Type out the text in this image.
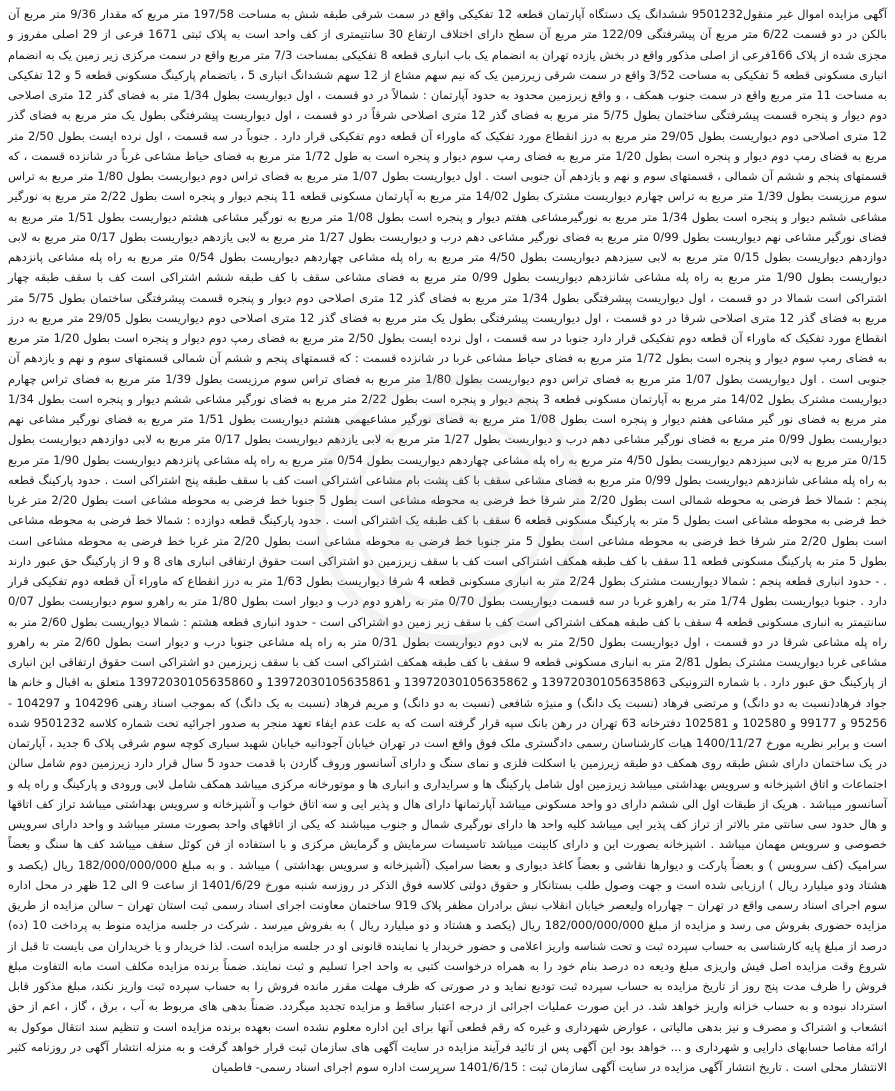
آگهی مزایده اموال غیر منقول9501232 ششدانگ یک دستگاه آپارتمان قطعه 12 تفکیکی واقع در سمت شرقی طبقه شش به مساحت 197/58 متر مربع که مقدار 9/36 متر مربع آن بالکن در دو قسمت 6/22 متر مربع آن پیشرفتگی 122/09 متر مربع آن سطح دارای اختلاف ارتفاع 30 سانتیمتری از کف واحد است به پلاک ثبتی 1671 فرعی از 29 اصلی مفروز و مجزی شده از پلاک 166فرعی از اصلی مذکور واقع در بخش یازده تهران به انضمام یک باب انباری قطعه 8 تفکیکی بمساحت 7/3 متر مربع واقع در سمت مرکزی زیر زمین یک به انضمام انباری مسکونی قطعه 5 تفکیکی به مساحت 3/52 واقع در سمت شرقی زیرزمین یک که نیم سهم مشاع از 12 سهم ششدانگ انباری 5 ، باتضمام پارکینگ مسکونی قطعه 5 و 12 تفکیکی به مساحت 11 متر مربع واقع در سمت جنوب همکف ، و واقع زیرزمین محدود به حدود آپارتمان : شمالاً در دو قسمت ، اول دیواریست بطول 1/34 متر به فضای گذر 12 متری اصلاحی دوم دیوار و پنجره قسمت پیشرفتگی ساختمان بطول 5/75 متر مربع به فضای گذر 12 متری اصلاحی شرقاً در دو قسمت ، اول دیواریست پیشرفتگی بطول یک متر مربع به فضای گذر 12 متری اصلاحی دوم دیواریست بطول 29/05 متر مربع به درز انقطاع مورد تفکیک که ماوراء آن قطعه دوم تفکیکی قرار دارد . جنوباً در سه قسمت ، اول نرده ایست بطول 2/50 متر مربع به فضای رمپ دوم دیوار و پنجره است بطول 1/20 متر مربع به فضای رمپ سوم دیوار و پنجره است به طول 1/72 متر مربع به فضای حیاط مشاعی غرباً در شانزده قسمت ، که قسمتهای پنجم و ششم آن شمالی ، قسمتهای سوم و نهم و یازدهم آن جنوبی است . اول دیواریست بطول 1/07 متر مربع به فضای تراس دوم دیواریست بطول 1/80 متر مربع به تراس سوم مرزیست بطول 1/39 متر مربع به تراس چهارم دیواریست مشترک بطول 14/02 متر مربع به آپارتمان مسکونی قطعه 11 پنجم دیوار و پنجره است بطول 2/22 متر مربع به نورگیر مشاعی ششم دیوار و پنجره است بطول 1/34 متر مربع به نورگیرمشاعی هفتم دیوار و پنجره است بطول 1/08 متر مربع به نورگیر مشاعی هشتم دیواریست بطول 1/51 متر مربع به فضای نورگیر مشاعی نهم دیواریست بطول 0/99 متر مربع به فضای نورگیر مشاعی دهم درب و دیواریست بطول 1/27 متر مربع به لابی یازدهم دیواریست بطول 0/17 متر مربع به لابی دوازدهم دیواریست بطول 0/15 متر مربع به لابی سیزدهم دیواریست بطول 4/50 متر مربع به راه پله مشاعی چهاردهم دیواریست بطول 0/54 متر مربع به راه پله مشاعی پانزدهم دیواریست بطول 1/90 متر مربع به راه پله مشاعی شانزدهم دیواریست بطول 0/99 متر مربع به فضای مشاعی سقف با کف طبقه ششم اشتراکی است کف با سقف طبقه چهار اشتراکی است شمالا در دو قسمت ، اول دیواریست پیشرفتگی بطول 1/34 متر مربع به فضای گذر 12 متری اصلاحی دوم دیوار و پنجره قسمت پیشرفتگی ساختمان بطول 5/75 متر مربع به فضای گذر 12 متری اصلاحی شرقا در دو قسمت ، اول دیواریست پیشرفتگی بطول یک متر مربع به فضای گذر 12 متری اصلاحی دوم دیواریست بطول 29/05 متر مربع به درز انقطاع مورد تفکیک که ماوراء آن قطعه دوم تفکیکی قرار دارد جنوبا در سه قسمت ، اول نرده ایست بطول 2/50 متر مربع به فضای رمپ دوم دیوار و پنجره است بطول 1/20 متر مربع به فضای رمپ سوم دیوار و پنجره است بطول 1/72 متر مربع به فضای حیاط مشاعی غربا در شانزده قسمت : که قسمتهای پنجم و ششم آن شمالی قسمتهای سوم و نهم و یازدهم آن جنوبی است . اول دیواریست بطول 1/07 متر مربع به فضای تراس دوم دیواریست بطول 1/80 متر مربع به فضای تراس سوم مرزیست بطول 1/39 متر مربع به فضای تراس چهارم دیواریست مشترک بطول 14/02 متر مربع به آپارتمان مسکونی قطعه 3 پنجم دیوار و پنجره است بطول 2/22 متر مربع به فضای نورگیر مشاعی ششم دیوار و پنجره است بطول 1/34 متر مربع به فضای نور گیر مشاعی هفتم دیوار و پنجره است بطول 1/08 متر مربع به فضای نورگیر مشاعیهمی هشتم دیواریست بطول 1/51 متر مربع به فضای نورگیر مشاعی نهم دیواریست بطول 0/99 متر مربع به فضای نورگیر مشاعی دهم درب و دیواریست بطول 1/27 متر مربع به لابی یازدهم دیواریست بطول 0/17 متر مربع به لابی دوازدهم دیواریست بطول 0/15 متر مربع به لابی سیزدهم دیواریست بطول 4/50 متر مربع به راه پله مشاعی چهاردهم دیواریست بطول 0/54 متر مربع به راه پله مشاعی پانزدهم دیواریست بطول 1/90 متر مربع به راه پله مشاعی شانزدهم دیواریست بطول 0/99 متر مربع به فضای مشاعی سقف با کف پشت بام مشاعی اشتراکی است کف با سقف طبقه پنج اشتراکی است . حدود پارکینگ قطعه پنجم : شمالا خط فرضی به محوطه شمالی است بطول 2/20 متر شرقا خط فرضی به محوطه مشاعی است بطول 5 جنوبا خط فرضی به محوطه مشاعی است بطول 2/20 متر غربا خط فرضی به محوطه مشاعی است بطول 5 متر به پارکینگ مسکونی قطعه 6 سقف با کف طبقه یک اشتراکی است . حدود پارکینگ قطعه دوازده : شمالا خط فرضی به محوطه مشاعی است بطول 2/20 متر شرقا خط فرضی به محوطه مشاعی است بطول 5 متر جنوبا خط فرضی به محوطه مشاعی است بطول 2/20 متر غربا خط فرضی به محوطه مشاعی است بطول 5 متر به پارکینگ مسکونی قطعه 11 سقف با کف طبقه همکف اشتراکی است کف با سقف زیرزمین دو اشتراکی است حقوق ارتفاقی انباری های 8 و 9 از پارکینگ حق عبور دارند . - حدود انباری قطعه پنجم : شمالا دیواریست مشترک بطول 2/24 متر به انباری مسکونی قطعه 4 شرقا دیواریست بطول 1/63 متر به درز انقطاع که ماوراء آن قطعه دوم تفکیکی قرار دارد . جنوبا دیواریست بطول 1/74 متر به راهرو غربا در سه قسمت دیواریست بطول 0/70 متر به راهرو دوم درب و دیوار است بطول 1/80 متر به راهرو سوم دیواریست بطول 0/07 سانتیمتر به انباری مسکونی قطعه 4 سقف با کف طبقه همکف اشتراکی است کف با سقف زیر زمین دو اشتراکی است - حدود انباری قطعه هشتم : شمالا دیواریست بطول 2/60 متر به راه پله مشاعی شرقا در دو قسمت ، اول دیواریست بطول 2/50 متر به لابی دوم دیواریست بطول 0/31 متر به راه پله مشاعی جنوبا درب و دیوار است بطول 2/60 متر به راهرو مشاعی غربا دیواریست مشترک بطول 2/81 متر به انباری مسکونی قطعه 9 سقف با کف طبقه همکف اشتراکی است کف با سقف زیرزمین دو اشتراکی است حقوق ارتفاقی این انباری از پارکینگ حق عبور دارد . با شماره الترونیکی 13972030105635863 و 13972030105635862 و 13972030105635861 و 13972030105635860 متعلق به اقبال و خانم ها جواد فرهاد(نسبت به دو دانگ) و مرتضی فرهاد (نسبت یک دانگ) و منیژه شافعی (نسبت به دو دانگ) و مریم فرهاد (نسبت به یک دانگ) که بموجب اسناد رهنی 104296 و 104297 - 95256 و 99177 و 102580 و 102581 دفترخانه 63 تهران در رهن بانک سپه قرار گرفته است که به علت عدم ایفاء تعهد منجر به صدور اجرائیه تحت شماره کلاسه 9501232 شده است و برابر نظریه مورخ 1400/11/27 هیات کارشناسان رسمی دادگستری ملک فوق واقع است در تهران خیابان آجودانیه خیابان شهید سیاری کوچه سوم شرقی پلاک 6 جدید ، آپارتمان در یک ساختمان دارای شش طبقه روی همکف دو طبقه زیرزمین با اسکلت فلزی و نمای سنگ و دارای آسانسور وروف گاردن با قدمت حدود 5 سال قرار دارد زیرزمین دوم شامل سالن اجتماعات و اتاق اشپزخانه و سرویس بهداشتی میباشد زیرزمین اول شامل پارکینگ ها و سرایداری و انباری ها و موتورخانه مرکزی میباشد همکف شامل لابی ورودی و پارکینگ و راه پله و آسانسور میباشد . هریک از طبقات اول الی ششم دارای دو واحد مسکونی میباشد آپارتمانها دارای هال و پذیر ایی و سه اتاق خواب و آشپزخانه و سرویس بهداشتی میباشد تراز کف اتاقها و هال حدود سی سانتی متر بالاتر از تراز کف پذیر ایی میباشد کلیه واحد ها دارای نورگیری شمال و جنوب میباشند که یکی از اتاقهای واحد بصورت مستر میباشد و واحد دارای سرویس خصوصی و سرویس مهمان میباشد . اشپزخانه بصورت این و دارای کابینت میباشد تاسیسات سرمایش و گرمایش مرکزی و با استفاده از فن کوئل سقف میباشد کف ها سنگ و بعضاً سرامیک (کف سرویس ) و بعضاً پارکت و دیوارها نقاشی و بعضاً کاغذ دیواری و بعضا سرامیک (آشپزخانه و سرویس بهداشتی ) میباشد . و به مبلغ 182/000/000/000 ریال (یکصد و هشتاد ودو میلیارد ریال ) ارزیابی شده است و جهت وصول طلب بستانکار و حقوق دولتی کلاسه فوق الذکر در روزسه شنبه مورخ 1401/6/29 از ساعت 9 الی 12 ظهر در محل اداره سوم اجرای اسناد رسمی واقع در تهران – چهارراه ولیعصر خیابان انقلاب نبش برادران مظفر پلاک 919 ساختمان معاونت اجرای اسناد رسمی ثبت استان تهران – سالن مزایده از طریق مزایده حضوری بفروش می رسد و مزایده از مبلغ 182/000/000/000 ریال (یکصد و هشتاد و دو میلیارد ریال ) به بفروش میرسد . شرکت در جلسه مزایده منوط به پرداخت 10 (ده) درصد از مبلغ پایه کارشناسی به حساب سپرده ثبت و تحت شناسه واریز اعلامی و حضور خریدار یا نماینده قانونی او در جلسه مزایده است. لذا خریدار و یا خریداران می بایست تا قبل از شروع وقت مزایده اصل فیش واریزی مبلغ ودیعه ده درصد بنام خود را به همراه درخواست کتبی به واحد اجرا تسلیم و ثبت نمایند. ضمناً برنده مزایده مکلف است مابه التفاوت مبلغ فروش را ظرف مدت پنج روز از تاریخ مزایده به حساب سپرده ثبت تودیع نماید و در صورتی که ظرف مهلت مقرر مانده فروش را به حساب سپرده ثبت واریز نکند، مبلغ مذکور قابل استرداد نبوده و به حساب خزانه واریز خواهد شد. در این صورت عملیات اجرائی از درجه اعتبار ساقط و مزایده تجدید میگردد. ضمناً بدهی های مربوط به آب ، برق ، گاز ، اعم از حق انشعاب و اشتراک و مصرف و نیز بدهی مالیاتی ، عوارض شهرداری و غیره که رقم قطعی آنها برای این اداره معلوم نشده است بعهده برنده مزایده است و تنظیم سند انتقال موکول به ارائه مفاصا حسابهای دارایی و شهرداری و ... خواهد بود این آگهی پس از تائید فرآیند مزایده در سایت آگهی های سازمان ثبت قرار خواهد گرفت و به منزله انتشار آگهی در روزنامه کثیر الانتشار محلی است . تاریخ انتشار آگهی مزایده در سایت آگهی سازمان ثبت : 1401/6/15 سرپرست اداره سوم اجرای اسناد رسمی- فاطمیان
